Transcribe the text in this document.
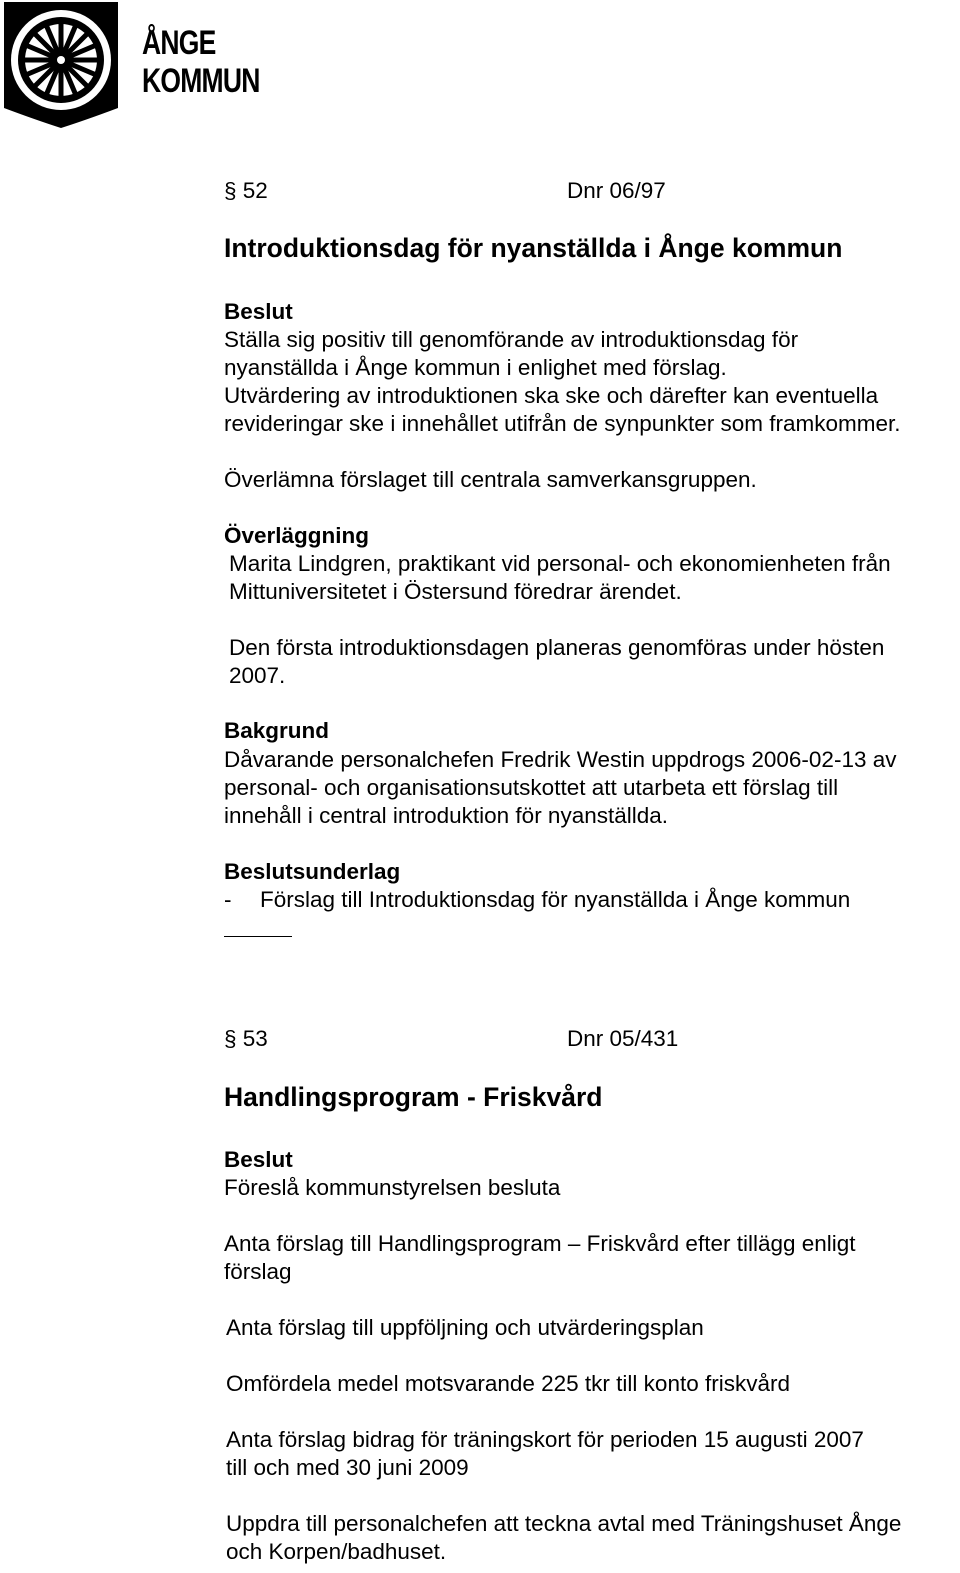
ÅNGE
KOMMUN
§ 52	Dnr 06/97
Introduktionsdag för nyanställda i Ånge kommun
Beslut
Ställa sig positiv till genomförande av introduktionsdag för
nyanställda i Ånge kommun i enlighet med förslag.
Utvärdering av introduktionen ska ske och därefter kan eventuella
revideringar ske i innehållet utifrån de synpunkter som framkommer.
Överlämna förslaget till centrala samverkansgruppen.
Överläggning
Marita Lindgren, praktikant vid personal- och ekonomienheten från
Mittuniversitetet i Östersund föredrar ärendet.
Den första introduktionsdagen planeras genomföras under hösten
2007.
Bakgrund
Dåvarande personalchefen Fredrik Westin uppdrogs 2006-02-13 av
personal- och organisationsutskottet att utarbeta ett förslag till
innehåll i central introduktion för nyanställda.
Beslutsunderlag
- Förslag till Introduktionsdag för nyanställda i Ånge kommun
§ 53	Dnr 05/431
Handlingsprogram - Friskvård
Beslut
Föreslå kommunstyrelsen besluta
Anta förslag till Handlingsprogram – Friskvård efter tillägg enligt
förslag
Anta förslag till uppföljning och utvärderingsplan
Omfördela medel motsvarande 225 tkr till konto friskvård
Anta förslag bidrag för träningskort för perioden 15 augusti 2007
till och med 30 juni 2009
Uppdra till personalchefen att teckna avtal med Träningshuset Ånge
och Korpen/badhuset.
